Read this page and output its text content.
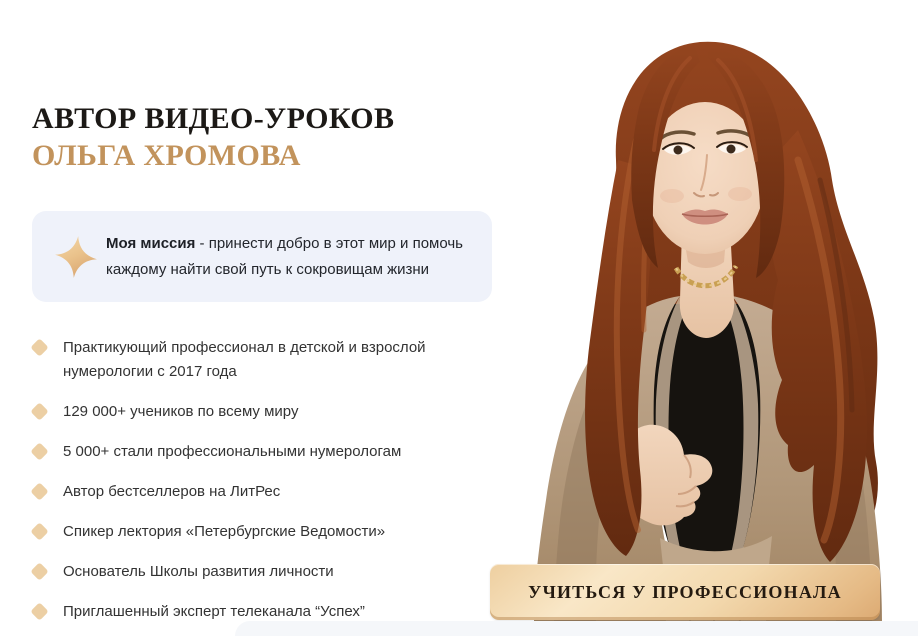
АВТОР ВИДЕО-УРОКОВ
ОЛЬГА ХРОМОВА

Моя миссия - принести добро в этот мир и помочь каждому найти свой путь к сокровищам жизни

Практикующий профессионал в детской и взрослой нумерологии с 2017 года
129 000+ учеников по всему миру
5 000+ стали профессиональными нумерологам
Автор бестселлеров на ЛитРес
Спикер лектория «Петербургские Ведомости»
Основатель Школы развития личности
Приглашенный эксперт телеканала “Успех”
УЧИТЬСЯ У ПРОФЕССИОНАЛА
